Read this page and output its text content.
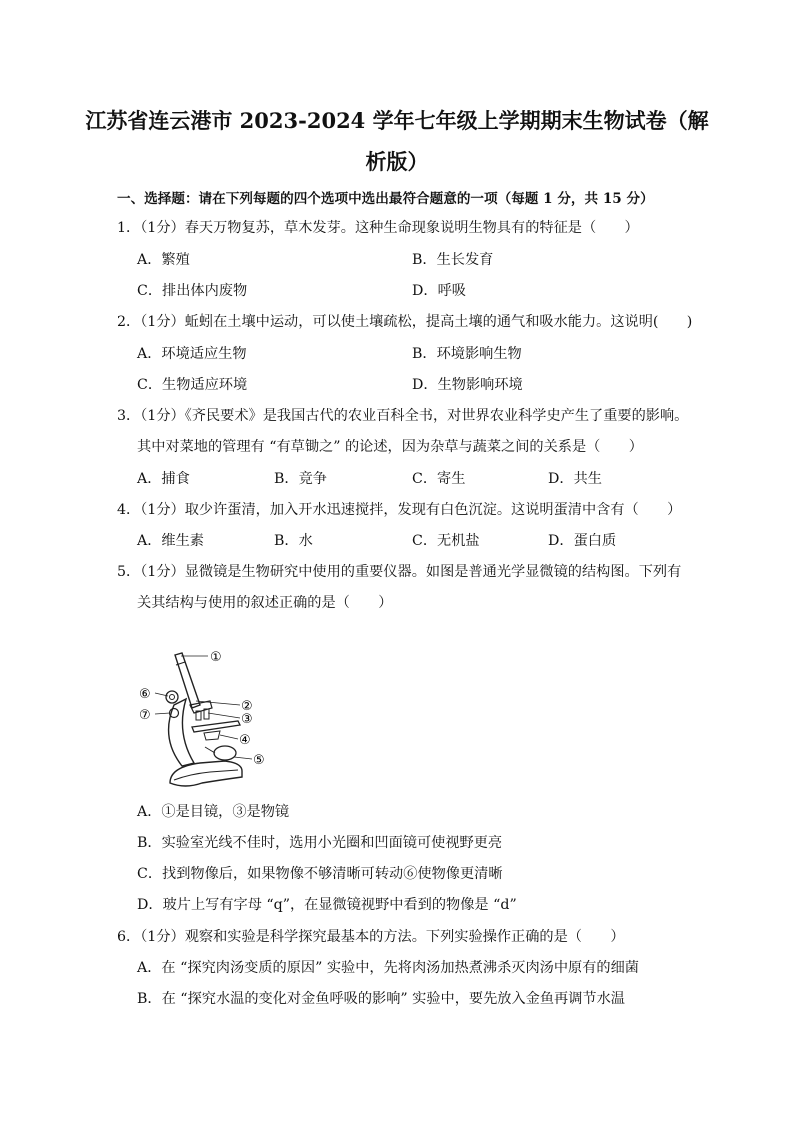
江苏省连云港市 2023-2024 学年七年级上学期期末生物试卷（解
析版）
一、选择题：请在下列每题的四个选项中选出最符合题意的一项（每题 1 分，共 15 分）
1．（1分）春天万物复苏，草木发芽。这种生命现象说明生物具有的特征是（　　）
A．繁殖	B．生长发育
C．排出体内废物	D．呼吸
2．（1分）蚯蚓在土壤中运动，可以使土壤疏松，提高土壤的通气和吸水能力。这说明(　　)
A．环境适应生物	B．环境影响生物
C．生物适应环境	D．生物影响环境
3．（1分）《齐民要术》是我国古代的农业百科全书，对世界农业科学史产生了重要的影响。
其中对菜地的管理有 “有草锄之” 的论述，因为杂草与蔬菜之间的关系是（　　）
A．捕食	B．竞争	C．寄生	D．共生
4．（1分）取少许蛋清，加入开水迅速搅拌，发现有白色沉淀。这说明蛋清中含有（　　）
A．维生素	B．水	C．无机盐	D．蛋白质
5．（1分）显微镜是生物研究中使用的重要仪器。如图是普通光学显微镜的结构图。下列有
关其结构与使用的叙述正确的是（　　）
①
②
③
④
⑤
⑥
⑦
A．①是目镜，③是物镜
B．实验室光线不佳时，选用小光圈和凹面镜可使视野更亮
C．找到物像后，如果物像不够清晰可转动⑥使物像更清晰
D．玻片上写有字母 “q”，在显微镜视野中看到的物像是 “d”
6．（1分）观察和实验是科学探究最基本的方法。下列实验操作正确的是（　　）
A．在 “探究肉汤变质的原因” 实验中，先将肉汤加热煮沸杀灭肉汤中原有的细菌
B．在 “探究水温的变化对金鱼呼吸的影响” 实验中，要先放入金鱼再调节水温
